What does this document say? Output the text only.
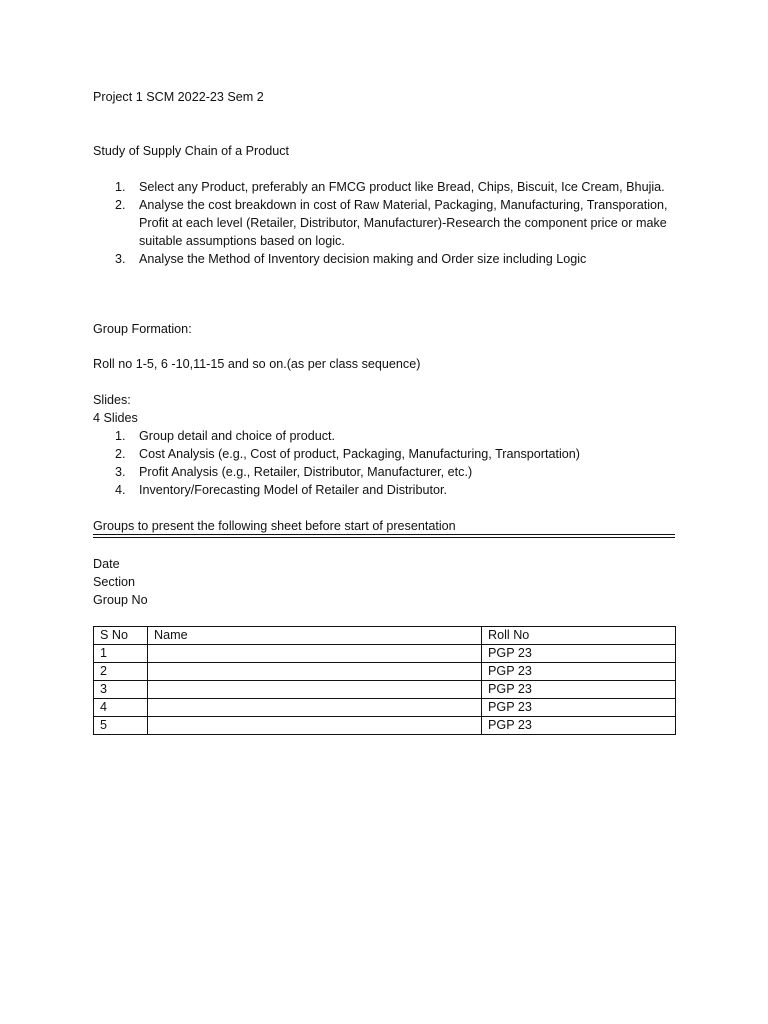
Project 1 SCM 2022-23 Sem 2
Study of Supply Chain of a Product
1. Select any Product, preferably an FMCG product like Bread, Chips, Biscuit, Ice Cream, Bhujia.
2. Analyse the cost breakdown in cost of Raw Material, Packaging, Manufacturing, Transporation, Profit at each level (Retailer, Distributor, Manufacturer)-Research the component price or make suitable assumptions based on logic.
3. Analyse the Method of Inventory decision making and Order size including Logic
Group Formation:
Roll no 1-5, 6 -10,11-15 and so on.(as per class sequence)
Slides:
4 Slides
1. Group detail and choice of product.
2. Cost Analysis (e.g., Cost of product, Packaging, Manufacturing, Transportation)
3. Profit Analysis (e.g., Retailer, Distributor, Manufacturer, etc.)
4. Inventory/Forecasting Model of Retailer and Distributor.
Groups to present the following sheet before start of presentation
Date
Section
Group No
S No	Name	Roll No
1		PGP 23
2		PGP 23
3		PGP 23
4		PGP 23
5		PGP 23
